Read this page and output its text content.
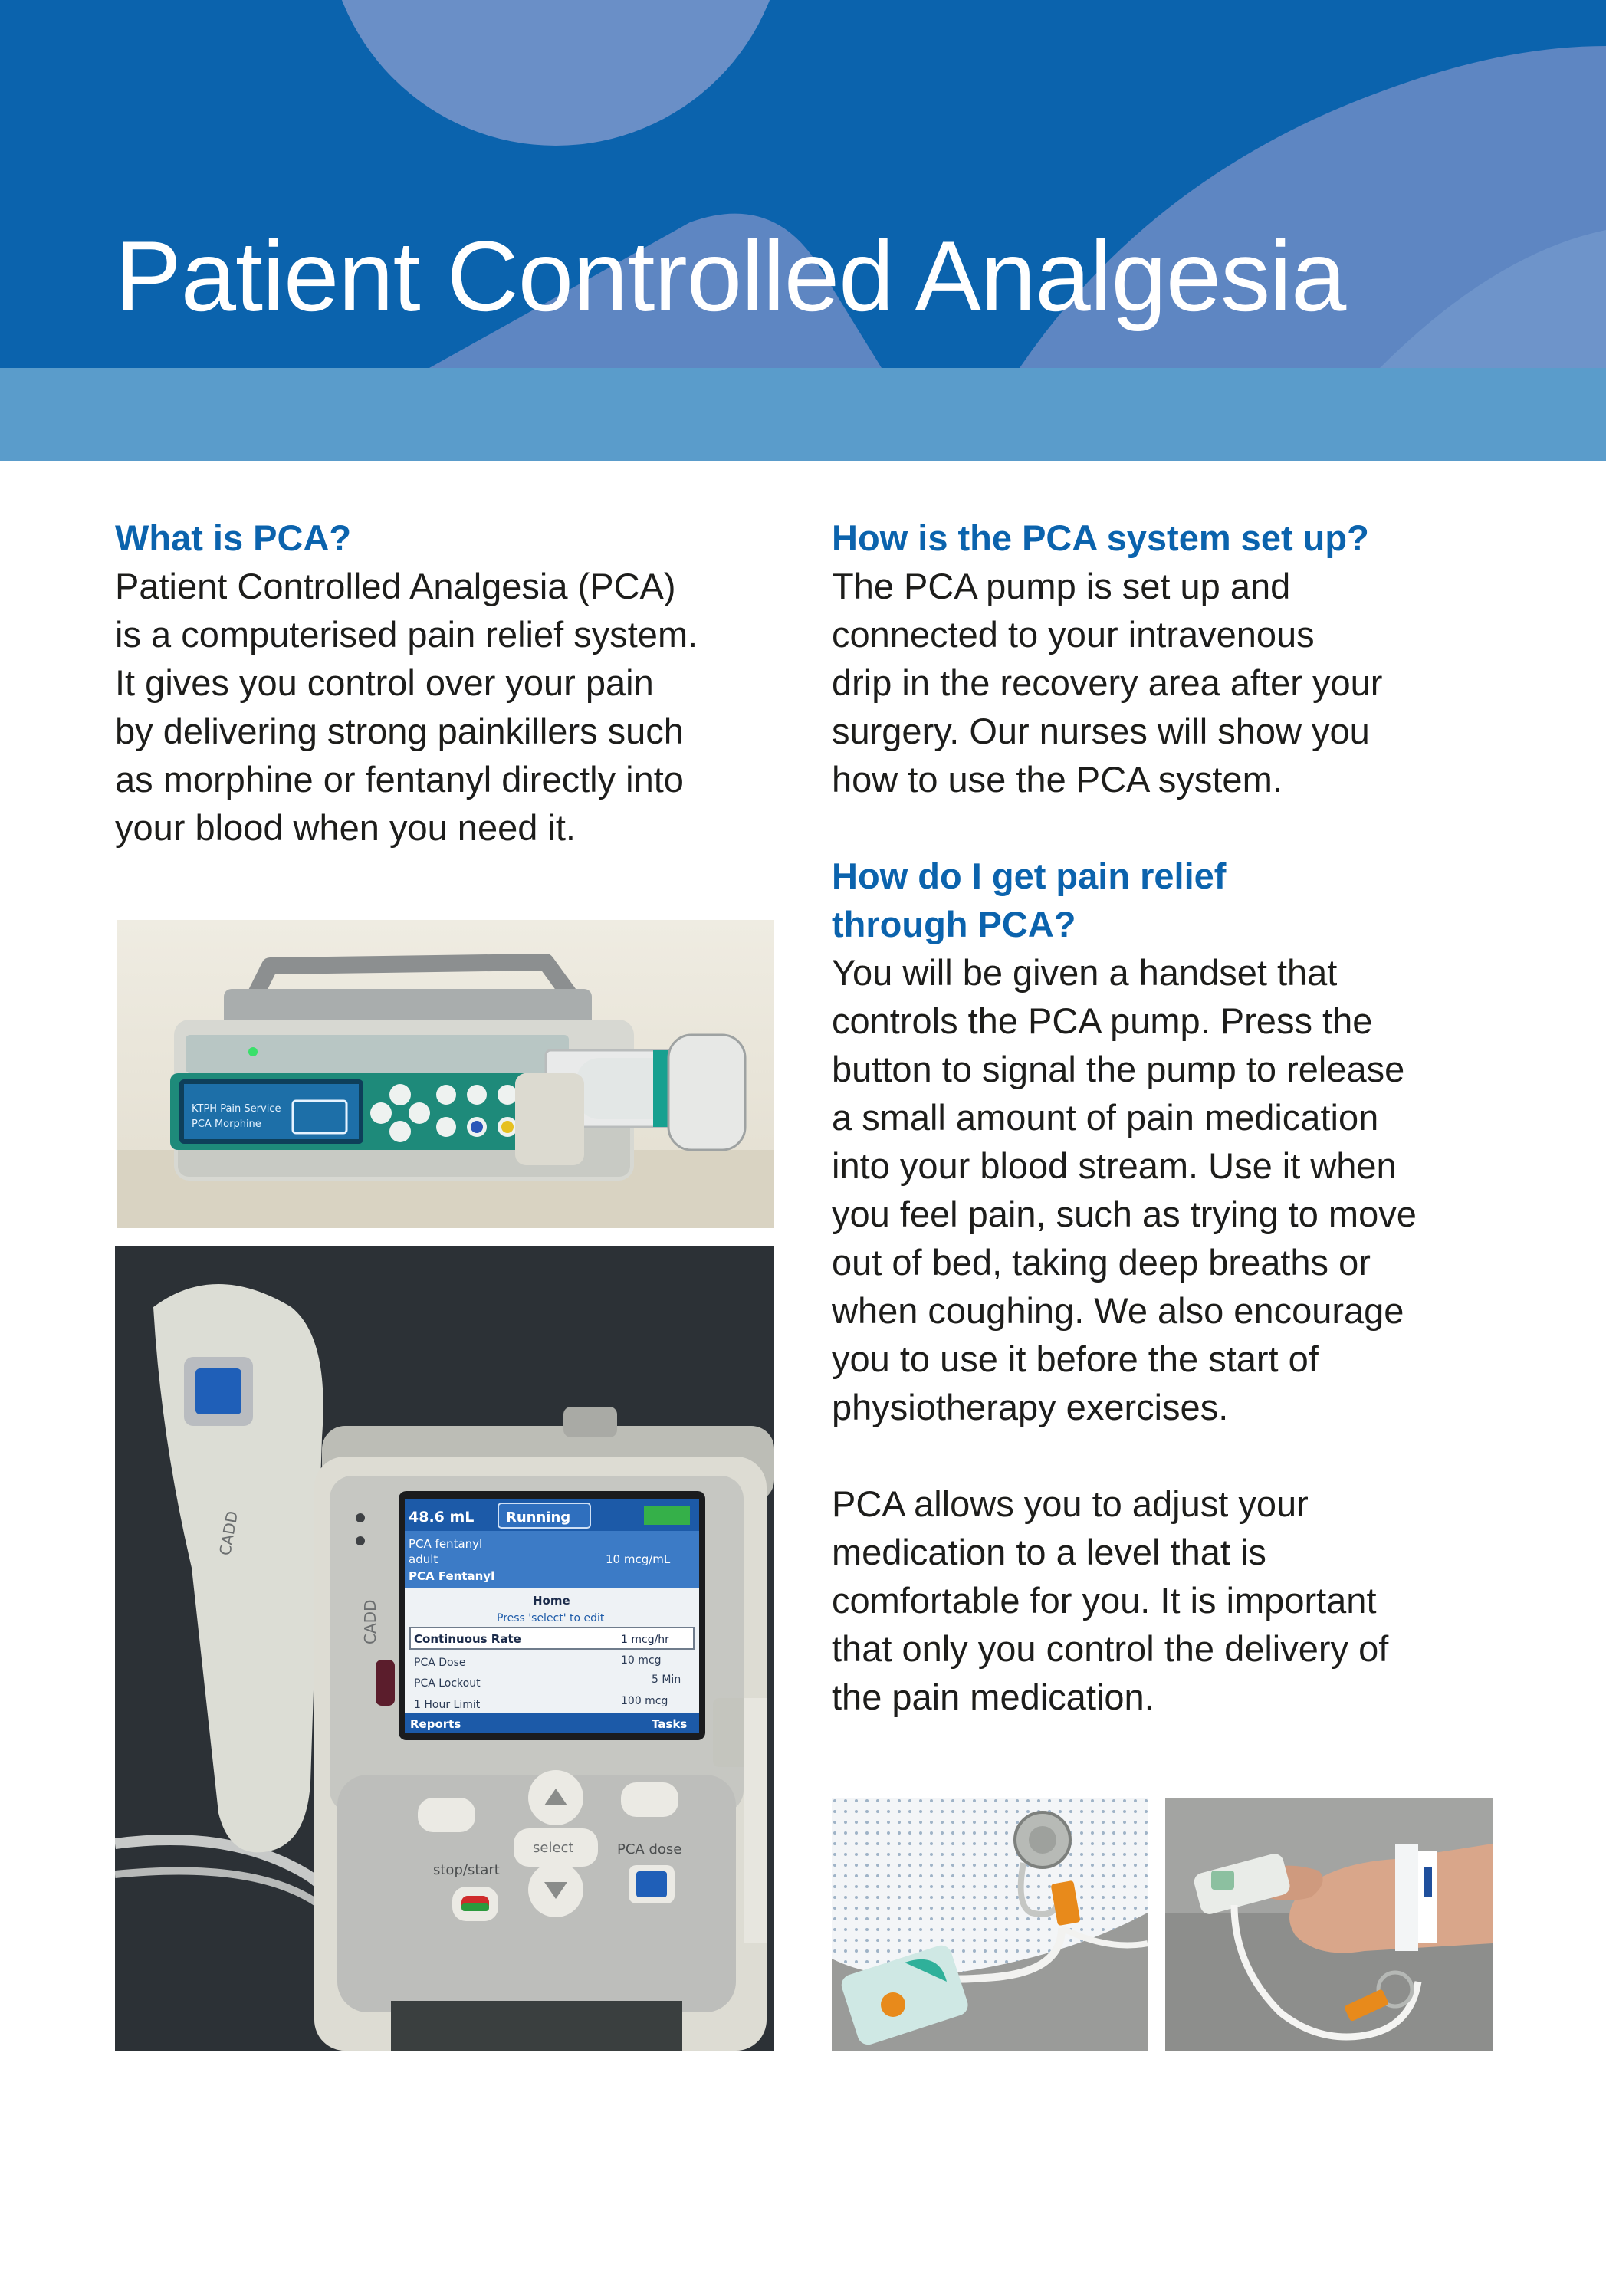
Patient Controlled Analgesia
What is PCA?

Patient Controlled Analgesia (PCA)
is a computerised pain relief system.
It gives you control over your pain
by delivering strong painkillers such
as morphine or fentanyl directly into
your blood when you need it.

How is the PCA system set up?

The PCA pump is set up and
connected to your intravenous
drip in the recovery area after your
surgery. Our nurses will show you
how to use the PCA system.

How do I get pain relief
through PCA?

You will be given a handset that
controls the PCA pump. Press the
button to signal the pump to release
a small amount of pain medication
into your blood stream. Use it when
you feel pain, such as trying to move
out of bed, taking deep breaths or
when coughing. We also encourage
you to use it before the start of
physiotherapy exercises.

PCA allows you to adjust your
medication to a level that is
comfortable for you. It is important
that only you control the delivery of
the pain medication.

KTPH Pain Service
PCA Morphine
CADD
CADD
48.6 mL Running
PCA fentanyl
adult	10 mcg/mL
PCA Fentanyl
Home
Press 'select' to edit
Continuous Rate	1 mcg/hr
PCA Dose	10 mcg
PCA Lockout	5 Min
1 Hour Limit	100 mcg
Reports	Tasks
select
stop/start
PCA dose
